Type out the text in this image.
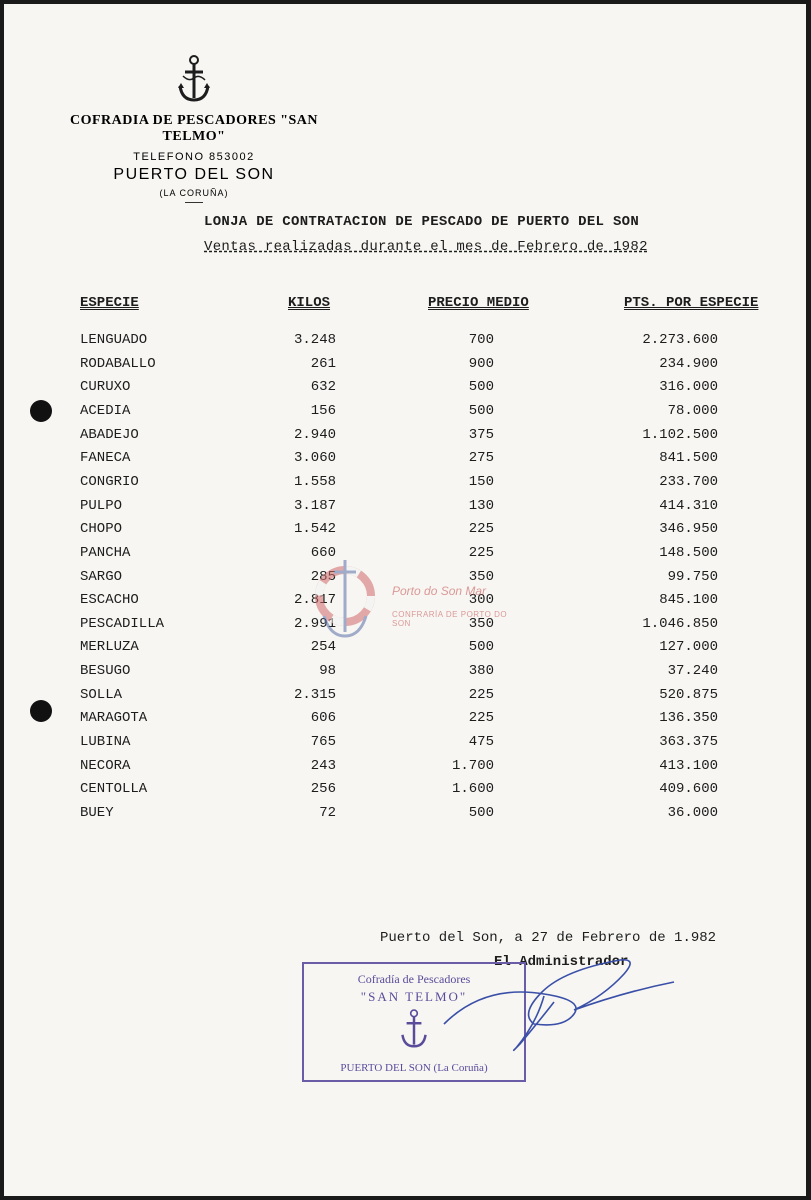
COFRADIA DE PESCADORES "SAN TELMO"
TELEFONO 853002
PUERTO DEL SON
(LA CORUÑA)
LONJA DE CONTRATACION DE PESCADO DE PUERTO DEL SON
Ventas realizadas durante el mes de Febrero de 1982
ESPECIE	KILOS	PRECIO MEDIO	PTS. POR ESPECIE
LENGUADO	3.248	700	2.273.600
RODABALLO	261	900	234.900
CURUXO	632	500	316.000
ACEDIA	156	500	78.000
ABADEJO	2.940	375	1.102.500
FANECA	3.060	275	841.500
CONGRIO	1.558	150	233.700
PULPO	3.187	130	414.310
CHOPO	1.542	225	346.950
PANCHA	660	225	148.500
SARGO	285	350	99.750
ESCACHO	2.817	300	845.100
PESCADILLA	2.991	350	1.046.850
MERLUZA	254	500	127.000
BESUGO	98	380	37.240
SOLLA	2.315	225	520.875
MARAGOTA	606	225	136.350
LUBINA	765	475	363.375
NECORA	243	1.700	413.100
CENTOLLA	256	1.600	409.600
BUEY	72	500	36.000
Porto do Son Mar
CONFRARÍA DE PORTO DO SON
Puerto del Son, a 27 de Febrero de 1.982
El Administrador
Cofradía de Pescadores
"SAN TELMO"
PUERTO DEL SON (La Coruña)
